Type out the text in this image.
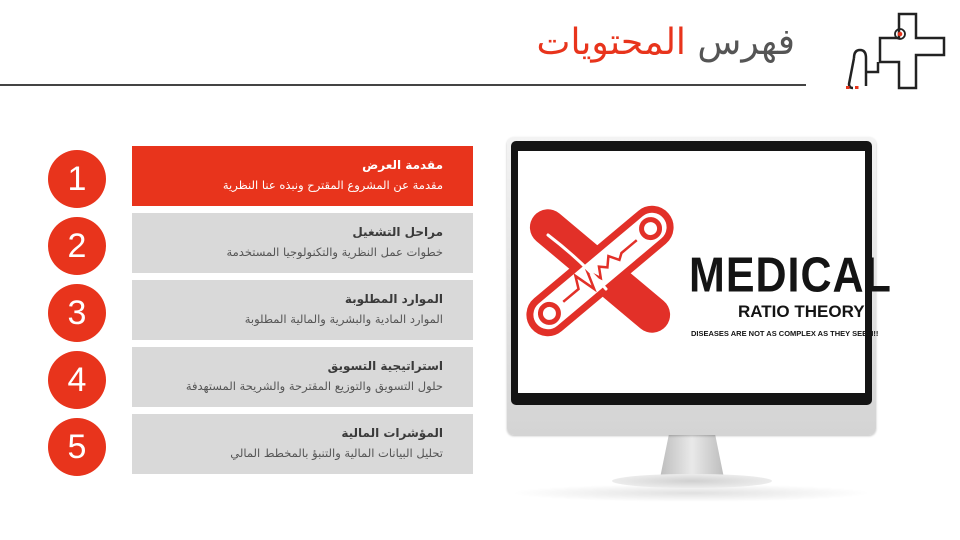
فهرس المحتويات
1	مقدمة العرض
مقدمة عن المشروع المقترح ونبذه عنا النظرية
2	مراحل التشغيل
خطوات عمل النظرية والتكنولوجيا المستخدمة
3	الموارد المطلوبة
الموارد المادية والبشرية والمالية المطلوبة
4	استراتيجية التسويق
حلول التسويق والتوزيع المقترحة والشريحة المستهدفة
5	المؤشرات المالية
تحليل البيانات المالية والتنبؤ بالمخطط المالي
MEDICAL
RATIO THEORY
DISEASES ARE NOT AS COMPLEX AS THEY SEEM!!
